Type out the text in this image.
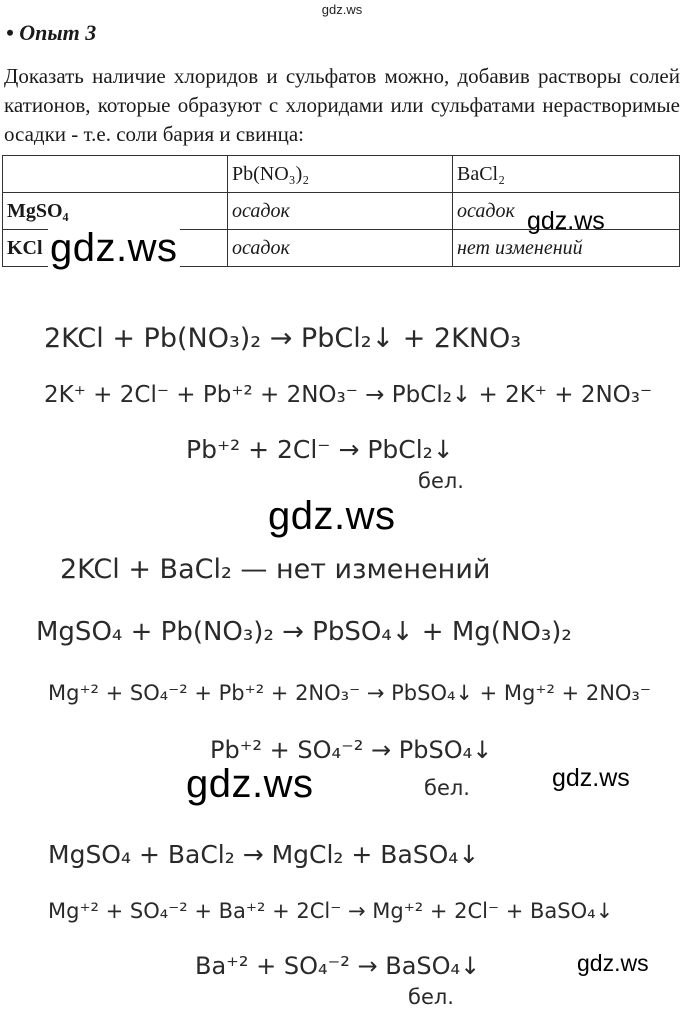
gdz.ws
• Опыт 3
Доказать наличие хлоридов и сульфатов можно, добавив растворы солей катионов, которые образуют с хлоридами или сульфатами нерастворимые осадки - т.е. соли бария и свинца:
	Pb(NO₃)₂	BaCl₂
MgSO₄	осадок	осадок
KCl	осадок	нет изменений
gdz.ws
gdz.ws
2KCl + Pb(NO₃)₂ → PbCl₂↓ + 2KNO₃
2K⁺ + 2Cl⁻ + Pb⁺² + 2NO₃⁻ → PbCl₂↓ + 2K⁺ + 2NO₃⁻
Pb⁺² + 2Cl⁻ → PbCl₂↓
бел.
2KCl + BaCl₂ — нет изменений
MgSO₄ + Pb(NO₃)₂ → PbSO₄↓ + Mg(NO₃)₂
Mg⁺² + SO₄⁻² + Pb⁺² + 2NO₃⁻ → PbSO₄↓ + Mg⁺² + 2NO₃⁻
Pb⁺² + SO₄⁻² → PbSO₄↓
бел.
MgSO₄ + BaCl₂ → MgCl₂ + BaSO₄↓
Mg⁺² + SO₄⁻² + Ba⁺² + 2Cl⁻ → Mg⁺² + 2Cl⁻ + BaSO₄↓
Ba⁺² + SO₄⁻² → BaSO₄↓
бел.
gdz.ws
gdz.ws	gdz.ws
gdz.ws
